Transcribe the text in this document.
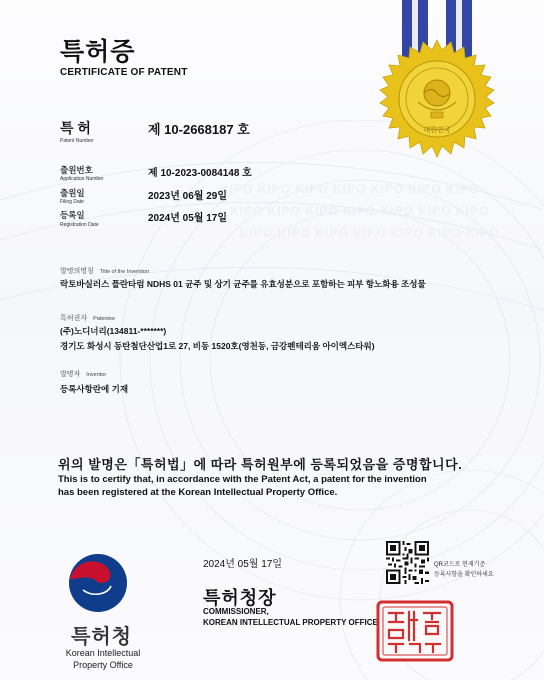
대한민국
특허증
CERTIFICATE OF PATENT
특 허
Patent Number
제 10-2668187 호
KIPO KIPO KIPO KIPO KIPO KIPO KIPO
KIPO KIPO KIPO KIPO KIPO KIPO KIPO
KIPO KIPO KIPO KIPO KIPO KIPO KIPO
출원번호
Application Number	제 10-2023-0084148 호
출원일
Filing Date	2023년 06월 29일
등록일
Registration Date
2024년 05월 17일
발명의명칭 Title of the Invention
락토바실러스 플란타럼 NDHS 01 균주 및 상기 균주를 유효성분으로 포함하는 피부 항노화용 조성물
특허권자 Patentee
(주)노디너리(134811-*******)
경기도 화성시 동탄첨단산업1로 27, 비동 1520호(영천동, 금강펜테리움 아이엑스타워)
발명자 Inventor
등록사항란에 기재
위의 발명은「특허법」에 따라 특허원부에 등록되었음을 증명합니다.
This is to certify that, in accordance with the Patent Act, a patent for the invention
has been registered at the Korean Intellectual Property Office.
2024년 05월 17일	QR코드로 현재기준
등록사항을 확인하세요
특허청장
COMMISSIONER,
KOREAN INTELLECTUAL PROPERTY OFFICE
특허청
Korean Intellectual
Property Office
